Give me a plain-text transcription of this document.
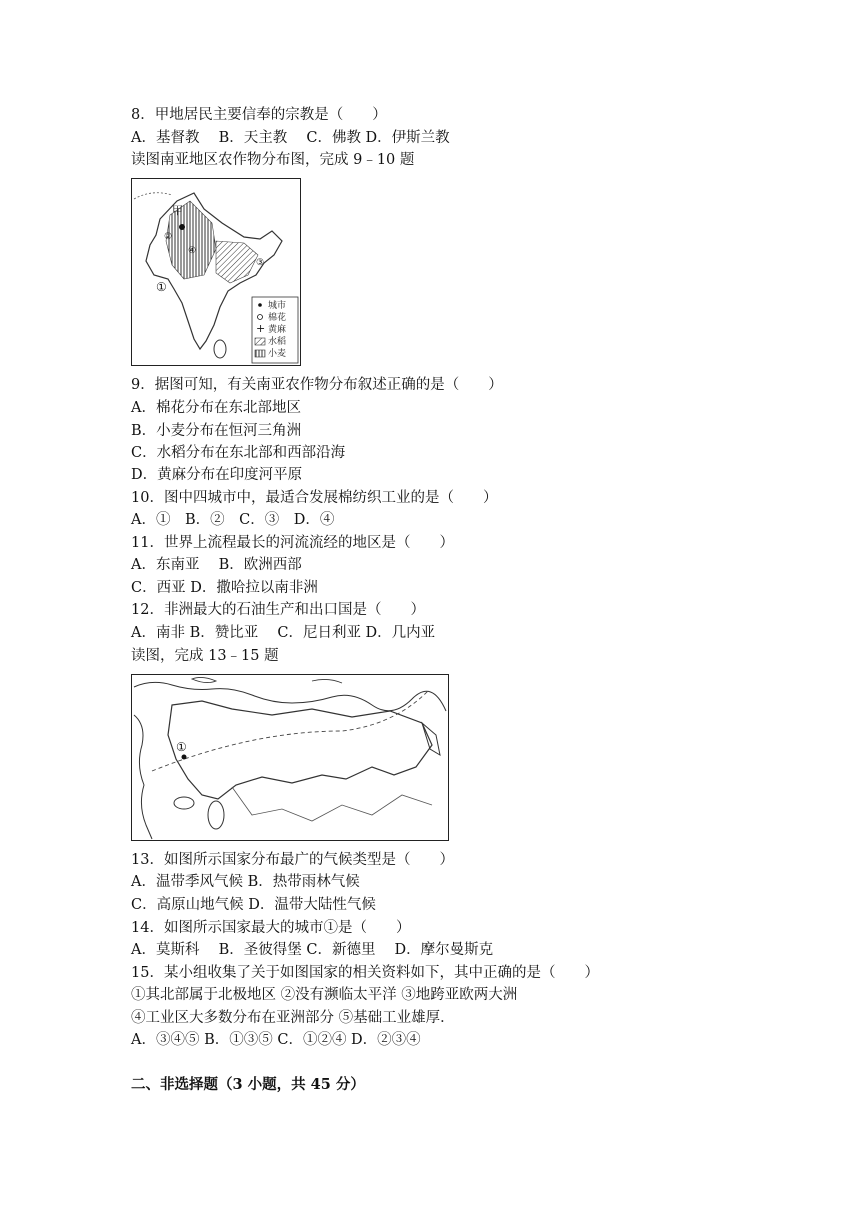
8．甲地居民主要信奉的宗教是（　　）
A．基督教　 B．天主教　 C．佛教 D．伊斯兰教
读图南亚地区农作物分布图，完成 9﹣10 题
甲
①
②
③
④
城市
棉花
+ 黄麻
水稻
小麦
9．据图可知，有关南亚农作物分布叙述正确的是（　　）
A．棉花分布在东北部地区
B．小麦分布在恒河三角洲
C．水稻分布在东北部和西部沿海
D．黄麻分布在印度河平原
10．图中四城市中，最适合发展棉纺织工业的是（　　）
A．①　B．②　C．③　D．④
11．世界上流程最长的河流流经的地区是（　　）
A．东南亚　 B．欧洲西部
C．西亚 D．撒哈拉以南非洲
12．非洲最大的石油生产和出口国是（　　）
A．南非 B．赞比亚　 C．尼日利亚 D．几内亚
读图，完成 13﹣15 题
①
13．如图所示国家分布最广的气候类型是（　　）
A．温带季风气候 B．热带雨林气候
C．高原山地气候 D．温带大陆性气候
14．如图所示国家最大的城市①是（　　）
A．莫斯科　 B．圣彼得堡 C．新德里　 D．摩尔曼斯克
15．某小组收集了关于如图国家的相关资料如下，其中正确的是（　　）
①其北部属于北极地区 ②没有濒临太平洋 ③地跨亚欧两大洲
④工业区大多数分布在亚洲部分 ⑤基础工业雄厚．
A．③④⑤ B．①③⑤ C．①②④ D．②③④
二、非选择题（3 小题，共 45 分）
